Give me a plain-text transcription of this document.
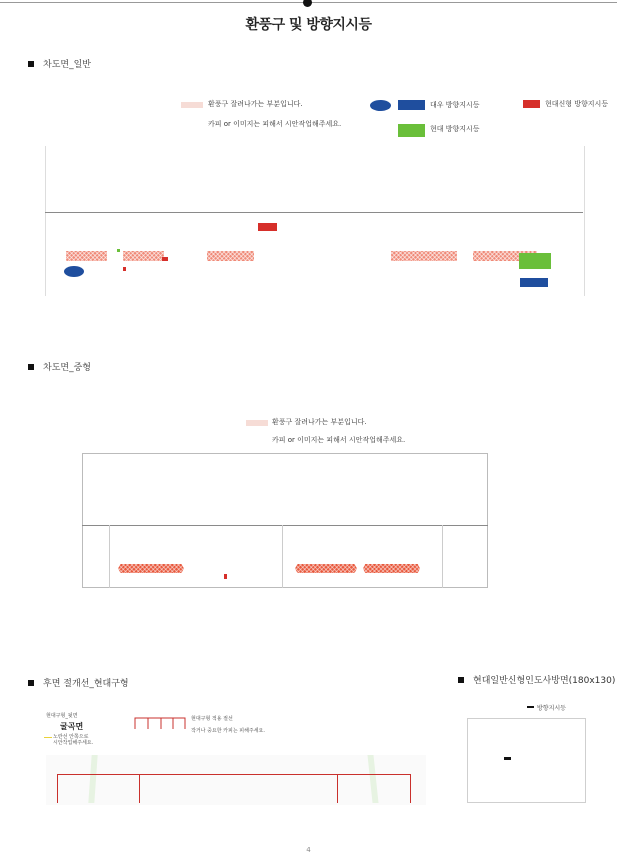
환풍구 및 방향지시등
차도면_일반
환풍구 잘려나가는 부분입니다.
카피 or 이미지는 피해서 시안작업해주세요.
대우 방향지시등	현대신형 방향지시등
현대 방향지시등
차도면_중형
환풍구 잘려나가는 부분입니다.
카피 or 이미지는 피해서 시안작업해주세요.
후면 절개선_현대구형
현대구형_뒷면
굴곡면
노란선 안쪽으로
시안작업해주세요.
현대구형 적용 절선
작거나 중요한 카피는 피해주세요.
현대일반신형인도사방면(180x130)
방향지시등
4
